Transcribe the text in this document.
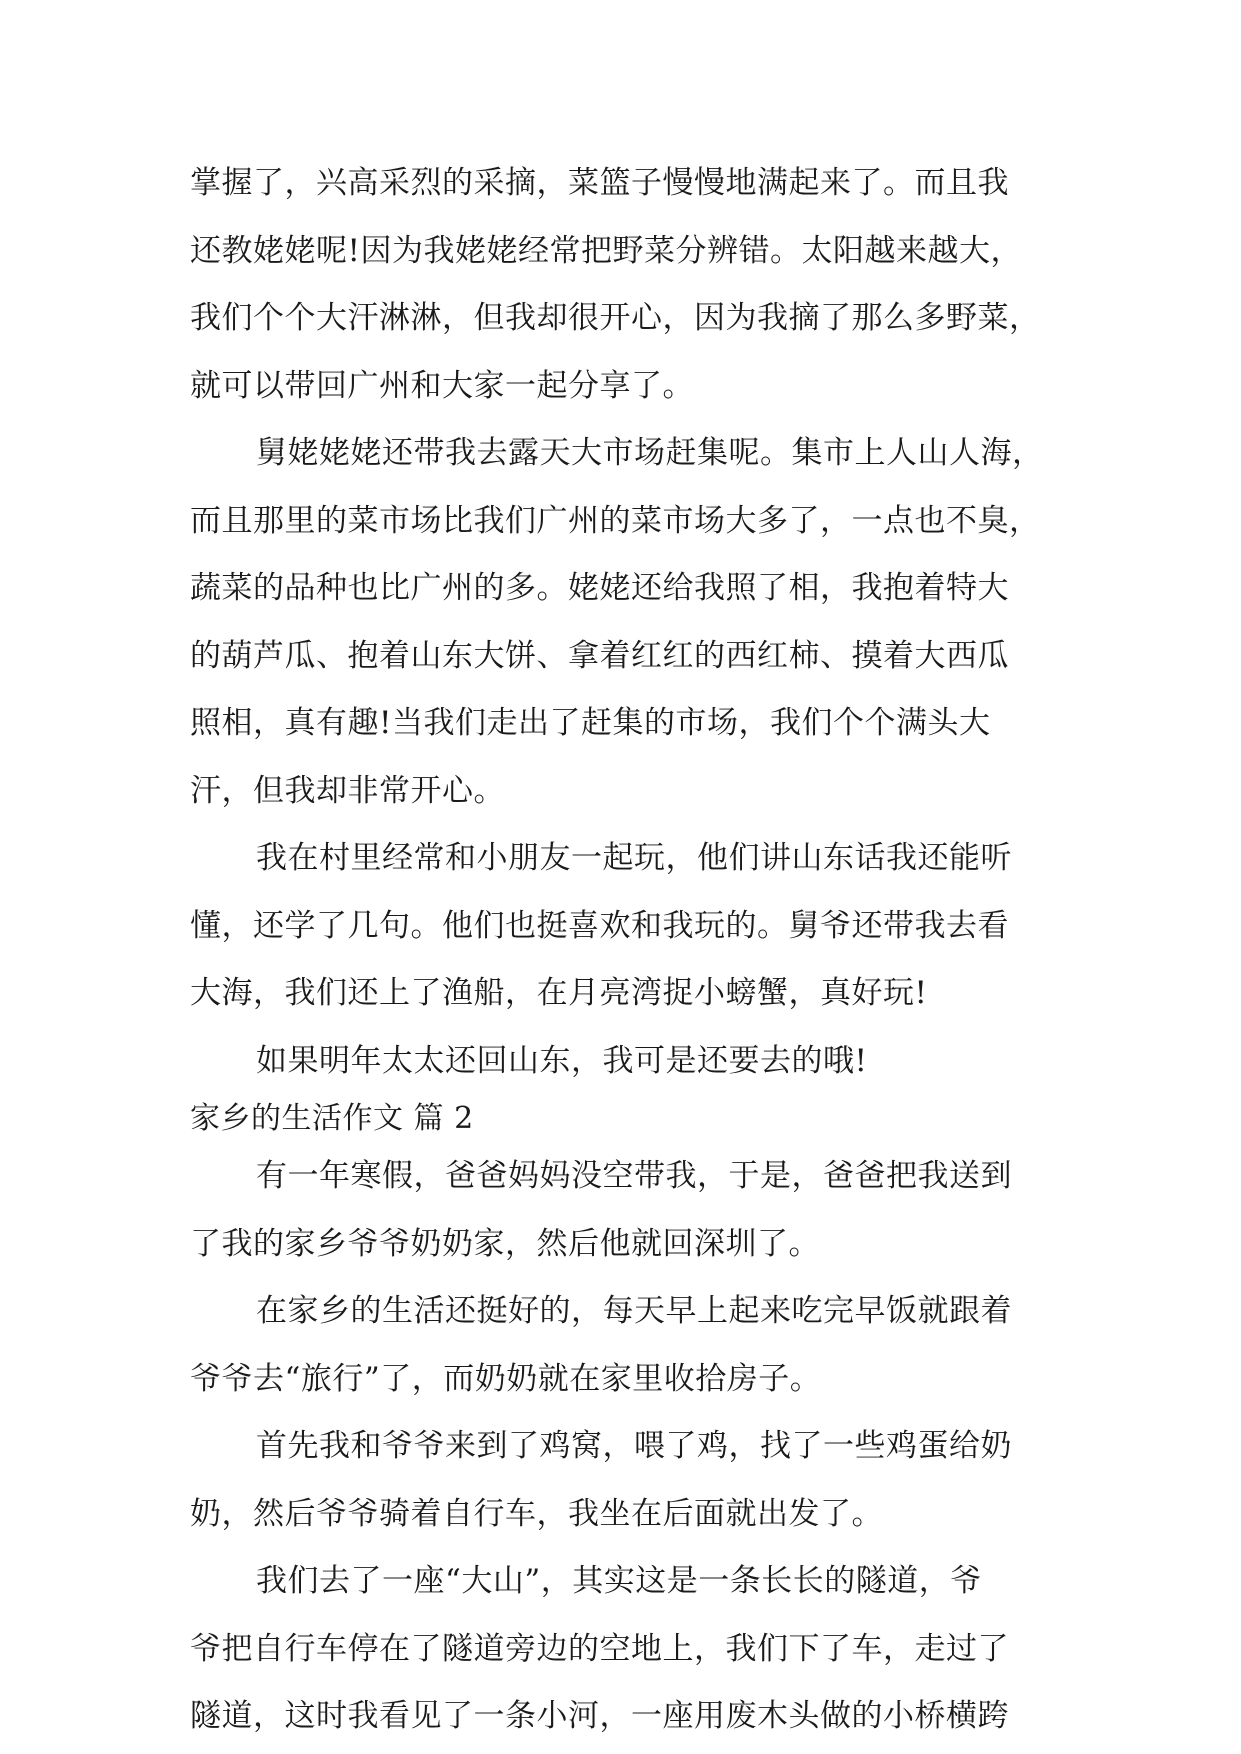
掌握了，兴高采烈的采摘，菜篮子慢慢地满起来了。而且我
还教姥姥呢!因为我姥姥经常把野菜分辨错。太阳越来越大，
我们个个大汗淋淋，但我却很开心，因为我摘了那么多野菜，
就可以带回广州和大家一起分享了。
舅姥姥姥还带我去露天大市场赶集呢。集市上人山人海，
而且那里的菜市场比我们广州的菜市场大多了，一点也不臭，
蔬菜的品种也比广州的多。姥姥还给我照了相，我抱着特大
的葫芦瓜、抱着山东大饼、拿着红红的西红柿、摸着大西瓜
照相，真有趣!当我们走出了赶集的市场，我们个个满头大
汗，但我却非常开心。
我在村里经常和小朋友一起玩，他们讲山东话我还能听
懂，还学了几句。他们也挺喜欢和我玩的。舅爷还带我去看
大海，我们还上了渔船，在月亮湾捉小螃蟹，真好玩!
如果明年太太还回山东，我可是还要去的哦!
家乡的生活作文 篇 2
有一年寒假，爸爸妈妈没空带我，于是，爸爸把我送到
了我的家乡爷爷奶奶家，然后他就回深圳了。
在家乡的生活还挺好的，每天早上起来吃完早饭就跟着
爷爷去“旅行”了，而奶奶就在家里收拾房子。
首先我和爷爷来到了鸡窝，喂了鸡，找了一些鸡蛋给奶
奶，然后爷爷骑着自行车，我坐在后面就出发了。
我们去了一座“大山”，其实这是一条长长的隧道，爷
爷把自行车停在了隧道旁边的空地上，我们下了车，走过了
隧道，这时我看见了一条小河，一座用废木头做的小桥横跨
